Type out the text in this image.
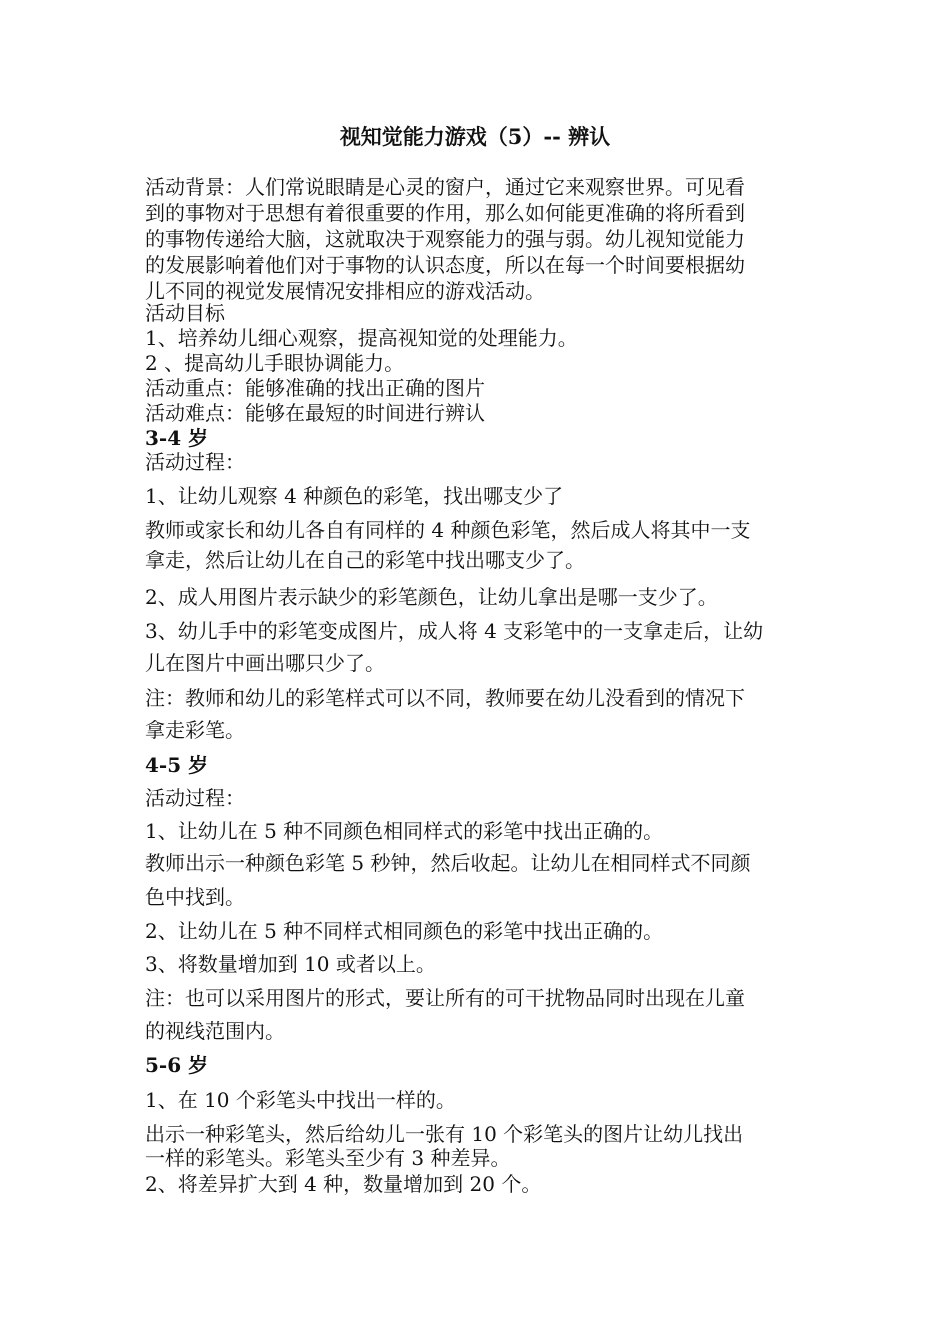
视知觉能力游戏（5）-- 辨认
活动背景：人们常说眼睛是心灵的窗户，通过它来观察世界。可见看
到的事物对于思想有着很重要的作用，那么如何能更准确的将所看到
的事物传递给大脑，这就取决于观察能力的强与弱。幼儿视知觉能力
的发展影响着他们对于事物的认识态度，所以在每一个时间要根据幼
儿不同的视觉发展情况安排相应的游戏活动。
活动目标
1、培养幼儿细心观察，提高视知觉的处理能力。
2 、提高幼儿手眼协调能力。
活动重点：能够准确的找出正确的图片
活动难点：能够在最短的时间进行辨认
3-4 岁
活动过程：
1、让幼儿观察 4 种颜色的彩笔，找出哪支少了
教师或家长和幼儿各自有同样的 4 种颜色彩笔，然后成人将其中一支
拿走，然后让幼儿在自己的彩笔中找出哪支少了。
2、成人用图片表示缺少的彩笔颜色，让幼儿拿出是哪一支少了。
3、幼儿手中的彩笔变成图片，成人将 4 支彩笔中的一支拿走后，让幼
儿在图片中画出哪只少了。
注：教师和幼儿的彩笔样式可以不同，教师要在幼儿没看到的情况下
拿走彩笔。
4-5 岁
活动过程：
1、让幼儿在 5 种不同颜色相同样式的彩笔中找出正确的。
教师出示一种颜色彩笔 5 秒钟，然后收起。让幼儿在相同样式不同颜
色中找到。
2、让幼儿在 5 种不同样式相同颜色的彩笔中找出正确的。
3、将数量增加到 10 或者以上。
注：也可以采用图片的形式，要让所有的可干扰物品同时出现在儿童
的视线范围内。
5-6 岁
1、在 10 个彩笔头中找出一样的。
出示一种彩笔头，然后给幼儿一张有 10 个彩笔头的图片让幼儿找出
一样的彩笔头。彩笔头至少有 3 种差异。
2、将差异扩大到 4 种，数量增加到 20 个。
